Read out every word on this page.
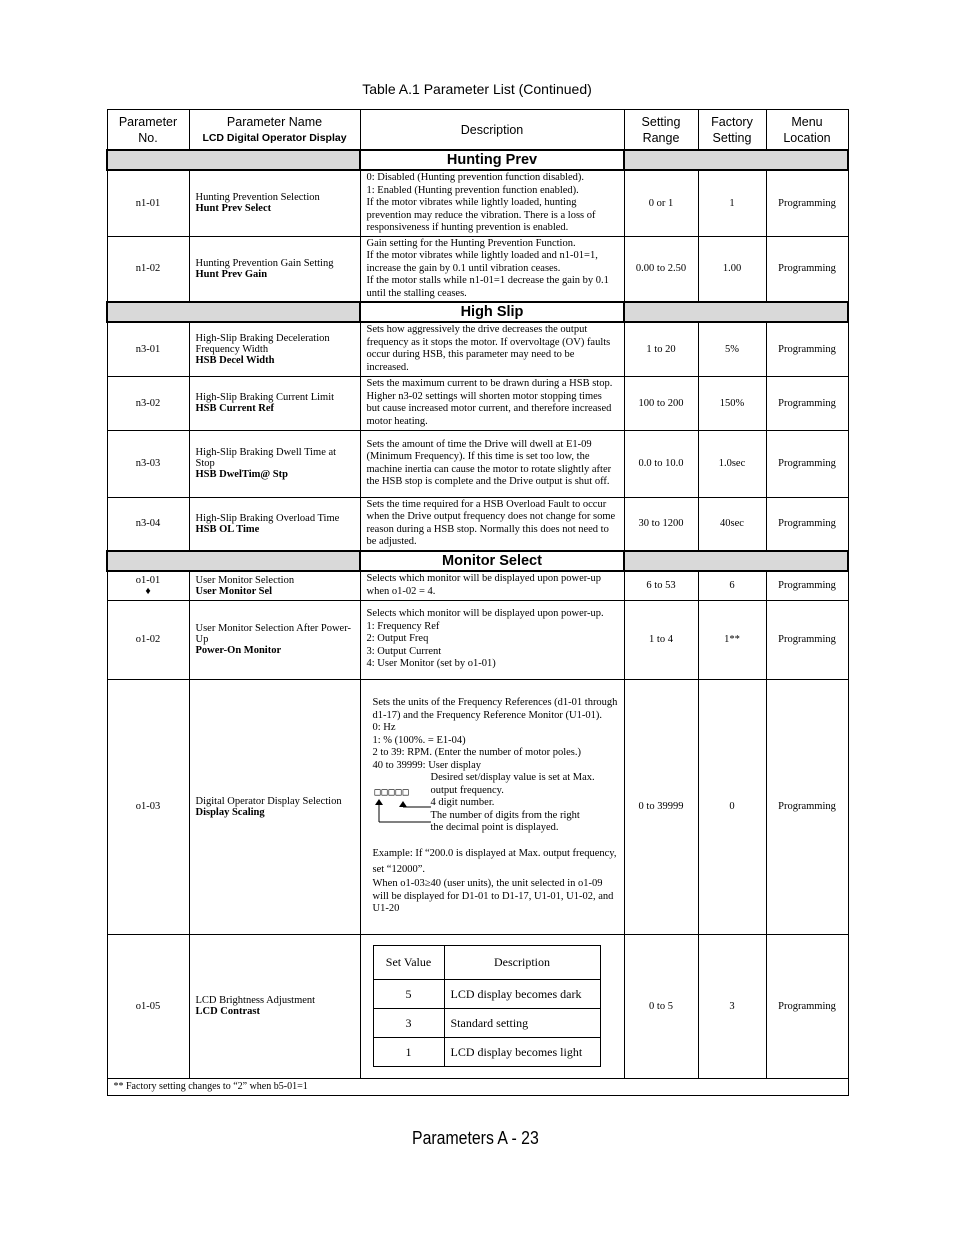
Table A.1 Parameter List (Continued)
Parameter No.	Parameter Name
LCD Digital Operator Display
	Description	Setting Range	Factory Setting	Menu Location
	Hunting Prev	
n1-01	Hunting Prevention Selection
Hunt Prev Select

0: Disabled (Hunting prevention function disabled).
1: Enabled (Hunting prevention function enabled).
If the motor vibrates while lightly loaded, hunting prevention may reduce the vibration. There is a loss of responsiveness if hunting prevention is enabled.
	0 or 1	1	Programming
n1-02	Hunting Prevention Gain Setting
Hunt Prev Gain

Gain setting for the Hunting Prevention Function.
If the motor vibrates while lightly loaded and n1-01=1, increase the gain by 0.1 until vibration ceases.
If the motor stalls while n1-01=1 decrease the gain by 0.1 until the stalling ceases.
	0.00 to 2.50	1.00	Programming
	High Slip	
n3-01	High-Slip Braking Deceleration Frequency Width
HSB Decel Width
	Sets how aggressively the drive decreases the output frequency as it stops the motor. If overvoltage (OV) faults occur during HSB, this parameter may need to be increased.	1 to 20	5%	Programming
n3-02	High-Slip Braking Current Limit
HSB Current Ref
	Sets the maximum current to be drawn during a HSB stop. Higher n3-02 settings will shorten motor stopping times but cause increased motor current, and therefore increased motor heating.	100 to 200	150%	Programming
n3-03	High-Slip Braking Dwell Time at Stop
HSB DwelTim@ Stp
	Sets the amount of time the Drive will dwell at E1-09 (Minimum Frequency). If this time is set too low, the machine inertia can cause the motor to rotate slightly after the HSB stop is complete and the Drive output is shut off.	0.0 to 10.0	1.0sec	Programming
n3-04	High-Slip Braking Overload Time
HSB OL Time
	Sets the time required for a HSB Overload Fault to occur when the Drive output frequency does not change for some reason during a HSB stop. Normally this does not need to be adjusted.	30 to 1200	40sec	Programming
	Monitor Select	

o1-01
♦
	User Monitor Selection
User Monitor Sel
	Selects which monitor will be displayed upon power-up when o1-02 = 4.	6 to 53	6	Programming
o1-02	User Monitor Selection After Power-Up
Power-On Monitor

Selects which monitor will be displayed upon power-up.
1: Frequency Ref
2: Output Freq
3: Output Current
4: User Monitor (set by o1-01)
	1 to 4	1**	Programming
o1-03	Digital Operator Display Selection
Display Scaling

Sets the units of the Frequency References (d1-01 through d1-17) and the Frequency Reference Monitor (U1-01).
0: Hz
1: % (100%. = E1-04)
2 to 39: RPM. (Enter the number of motor poles.)
40 to 39999: User display
□□□□□
Desired set/display value is set at Max. output frequency.
4 digit number.
The number of digits from the right the decimal point is displayed.
Example: If “200.0 is displayed at Max. output frequency, set “12000”.
When o1-03≥40 (user units), the unit selected in o1-09 will be displayed for D1-01 to D1-17, U1-01, U1-02, and U1-20
	0 to 39999	0	Programming
o1-05	LCD Brightness Adjustment
LCD Contrast

Set Value	Description
5	LCD display becomes dark
3	Standard setting
1	LCD display becomes light
	0 to 5	3	Programming
** Factory setting changes to “2” when b5-01=1
Parameters A - 23
